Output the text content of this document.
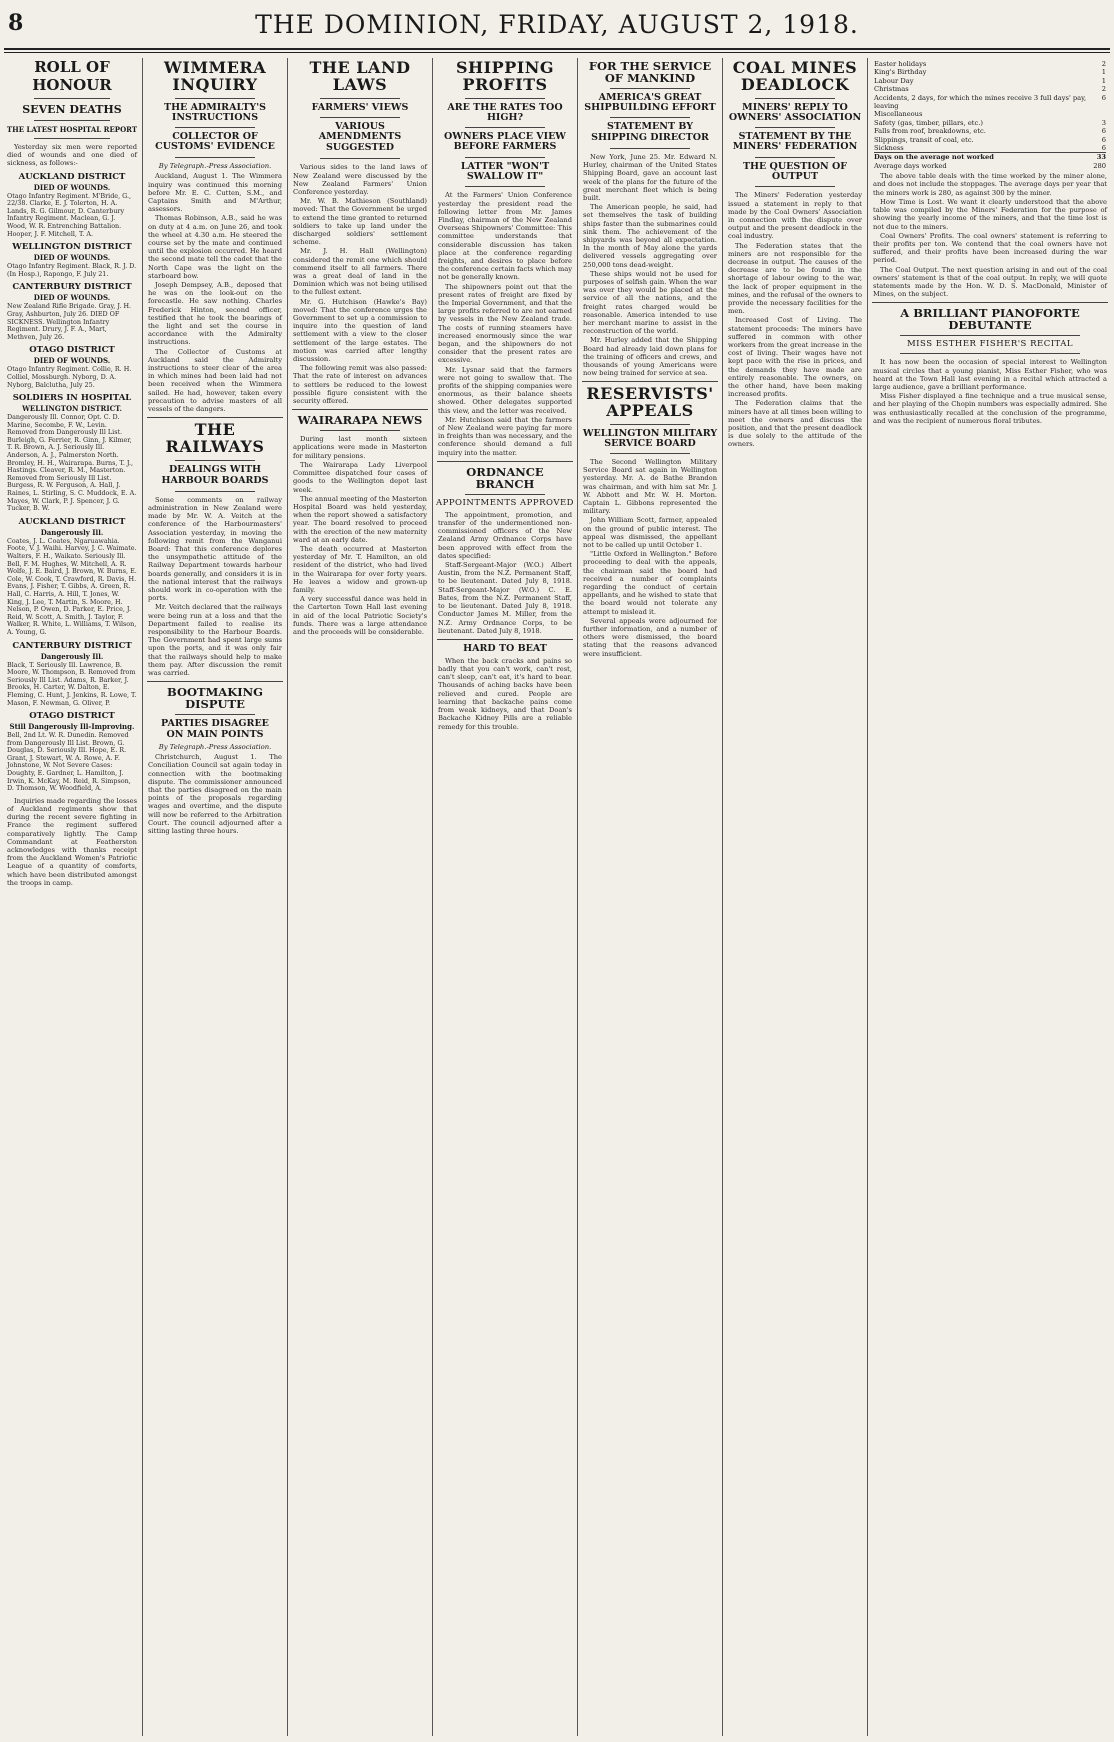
8	THE DOMINION, FRIDAY, AUGUST 2, 1918.
ROLL OF HONOUR
SEVEN DEATHS
THE LATEST HOSPITAL REPORT

Yesterday six men were reported died of wounds and one died of sickness, as follows:-

AUCKLAND DISTRICT
DIED OF WOUNDS.
Otago Infantry Regiment. M'Bride, G., 22/38. Clarke, E. J. Tolerton, H. A. Lands, R. G. Gilmour, D. Canterbury Infantry Regiment. Maclean, G. J. Wood, W. R. Entrenching Battalion. Hooper, J. F. Mitchell, T. A.
WELLINGTON DISTRICT
DIED OF WOUNDS.
Otago Infantry Regiment. Black, R. J. D. (In Hosp.), Rapongo, F. July 21.
CANTERBURY DISTRICT
DIED OF WOUNDS.
New Zealand Rifle Brigade. Gray, J. H. Gray, Ashburton, July 26. DIED OF SICKNESS. Wellington Infantry Regiment. Drury, J. F. A., Mart, Methven, July 26.
OTAGO DISTRICT
DIED OF WOUNDS.
Otago Infantry Regiment. Collie, R. H. Colliel, Mossburgh. Nyborg, D. A. Nyborg, Balclutha, July 25.
SOLDIERS IN HOSPITAL
WELLINGTON DISTRICT.
Dangerously Ill. Connor, Opt. C. D. Marine, Secombe, F. W., Levin. Removed from Dangerously Ill List. Burleigh, G. Ferrier, R. Ginn, J. Kilmer, T. R. Brown, A. J. Seriously Ill. Anderson, A. J., Palmerston North. Bromley, H. H., Wairarapa. Burns, T. J., Hastings. Cleaver, R. M., Masterton. Removed from Seriously Ill List. Burgess, R. W. Ferguson, A. Hall, J. Raines, L. Stirling, S. C. Muddock, E. A. Mayes, W. Clark, P. J. Spencer, J. G. Tucker, B. W.
AUCKLAND DISTRICT
Dangerously Ill.
Coates, J. L. Coates, Ngaruawahia. Foote, V. J. Waihi. Harvey, J. C. Waimate. Walters, F. H., Waikato. Seriously Ill. Bell, F. M. Hughes, W. Mitchell, A. R. Wolfe, J. E. Baird, J. Brown, W. Burns, E. Cole, W. Cook, T. Crawford, R. Davis, H. Evans, J. Fisher, T. Gibbs, A. Green, R. Hall, C. Harris, A. Hill, T. Jones, W. King, J. Lee, T. Martin, S. Moore, H. Nelson, P. Owen, D. Parker, E. Price, J. Reid, W. Scott, A. Smith, J. Taylor, F. Walker, R. White, L. Williams, T. Wilson, A. Young, G.
CANTERBURY DISTRICT
Dangerously Ill.
Black, T. Seriously Ill. Lawrence, B. Moore, W. Thompson, B. Removed from Seriously Ill List. Adams, R. Barker, J. Brooks, H. Carter, W. Dalton, E. Fleming, C. Hunt, J. Jenkins, R. Lowe, T. Mason, F. Newman, G. Oliver, P.
OTAGO DISTRICT
Still Dangerously Ill-Improving.
Bell, 2nd Lt. W. R. Dunedin. Removed from Dangerously Ill List. Brown, G. Douglas, D. Seriously Ill. Hope, E. R. Grant, J. Stewart, W. A. Rowe, A. F. Johnstone, W. Not Severe Cases: Doughty, E. Gardner, L. Hamilton, J. Irwin, K. McKay, M. Reid, R. Simpson, D. Thomson, W. Woodfield, A.

Inquiries made regarding the losses of Auckland regiments show that during the recent severe fighting in France the regiment suffered comparatively lightly. The Camp Commandant at Featherston acknowledges with thanks receipt from the Auckland Women's Patriotic League of a quantity of comforts, which have been distributed amongst the troops in camp.

WIMMERA INQUIRY
THE ADMIRALTY'S INSTRUCTIONS
COLLECTOR OF CUSTOMS' EVIDENCE
By Telegraph.-Press Association.

Auckland, August 1. The Wimmera inquiry was continued this morning before Mr. E. C. Cutten, S.M., and Captains Smith and M'Arthur, assessors.

Thomas Robinson, A.B., said he was on duty at 4 a.m. on June 26, and took the wheel at 4.30 a.m. He steered the course set by the mate and continued until the explosion occurred. He heard the second mate tell the cadet that the North Cape was the light on the starboard bow.

Joseph Dempsey, A.B., deposed that he was on the look-out on the forecastle. He saw nothing. Charles Frederick Hinton, second officer, testified that he took the bearings of the light and set the course in accordance with the Admiralty instructions.

The Collector of Customs at Auckland said the Admiralty instructions to steer clear of the area in which mines had been laid had not been received when the Wimmera sailed. He had, however, taken every precaution to advise masters of all vessels of the dangers.

THE RAILWAYS
DEALINGS WITH HARBOUR BOARDS

Some comments on railway administration in New Zealand were made by Mr. W. A. Veitch at the conference of the Harbourmasters' Association yesterday, in moving the following remit from the Wanganui Board: That this conference deplores the unsympathetic attitude of the Railway Department towards harbour boards generally, and considers it is in the national interest that the railways should work in co-operation with the ports.

Mr. Veitch declared that the railways were being run at a loss and that the Department failed to realise its responsibility to the Harbour Boards. The Government had spent large sums upon the ports, and it was only fair that the railways should help to make them pay. After discussion the remit was carried.

BOOTMAKING DISPUTE
PARTIES DISAGREE ON MAIN POINTS
By Telegraph.-Press Association.

Christchurch, August 1. The Conciliation Council sat again today in connection with the bootmaking dispute. The commissioner announced that the parties disagreed on the main points of the proposals regarding wages and overtime, and the dispute will now be referred to the Arbitration Court. The council adjourned after a sitting lasting three hours.

THE LAND LAWS
FARMERS' VIEWS
VARIOUS AMENDMENTS SUGGESTED

Various sides to the land laws of New Zealand were discussed by the New Zealand Farmers' Union Conference yesterday.

Mr. W. B. Mathieson (Southland) moved: That the Government be urged to extend the time granted to returned soldiers to take up land under the discharged soldiers' settlement scheme.

Mr. J. H. Hall (Wellington) considered the remit one which should commend itself to all farmers. There was a great deal of land in the Dominion which was not being utilised to the fullest extent.

Mr. G. Hutchison (Hawke's Bay) moved: That the conference urges the Government to set up a commission to inquire into the question of land settlement with a view to the closer settlement of the large estates. The motion was carried after lengthy discussion.

The following remit was also passed: That the rate of interest on advances to settlers be reduced to the lowest possible figure consistent with the security offered.

WAIRARAPA NEWS

During last month sixteen applications were made in Masterton for military pensions.

The Wairarapa Lady Liverpool Committee dispatched four cases of goods to the Wellington depot last week.

The annual meeting of the Masterton Hospital Board was held yesterday, when the report showed a satisfactory year. The board resolved to proceed with the erection of the new maternity ward at an early date.

The death occurred at Masterton yesterday of Mr. T. Hamilton, an old resident of the district, who had lived in the Wairarapa for over forty years. He leaves a widow and grown-up family.

A very successful dance was held in the Carterton Town Hall last evening in aid of the local Patriotic Society's funds. There was a large attendance and the proceeds will be considerable.

SHIPPING PROFITS
ARE THE RATES TOO HIGH?
OWNERS PLACE VIEW BEFORE FARMERS
LATTER "WON'T SWALLOW IT"

At the Farmers' Union Conference yesterday the president read the following letter from Mr. James Findlay, chairman of the New Zealand Overseas Shipowners' Committee: This committee understands that considerable discussion has taken place at the conference regarding freights, and desires to place before the conference certain facts which may not be generally known.

The shipowners point out that the present rates of freight are fixed by the Imperial Government, and that the large profits referred to are not earned by vessels in the New Zealand trade. The costs of running steamers have increased enormously since the war began, and the shipowners do not consider that the present rates are excessive.

Mr. Lysnar said that the farmers were not going to swallow that. The profits of the shipping companies were enormous, as their balance sheets showed. Other delegates supported this view, and the letter was received.

Mr. Hutchison said that the farmers of New Zealand were paying far more in freights than was necessary, and the conference should demand a full inquiry into the matter.

ORDNANCE BRANCH
APPOINTMENTS APPROVED

The appointment, promotion, and transfer of the undermentioned non-commissioned officers of the New Zealand Army Ordnance Corps have been approved with effect from the dates specified:

Staff-Sergeant-Major (W.O.) Albert Austin, from the N.Z. Permanent Staff, to be lieutenant. Dated July 8, 1918. Staff-Sergeant-Major (W.O.) C. E. Bates, from the N.Z. Permanent Staff, to be lieutenant. Dated July 8, 1918. Conductor James M. Miller, from the N.Z. Army Ordnance Corps, to be lieutenant. Dated July 8, 1918.

HARD TO BEAT

When the back cracks and pains so badly that you can't work, can't rest, can't sleep, can't eat, it's hard to bear. Thousands of aching backs have been relieved and cured. People are learning that backache pains come from weak kidneys, and that Doan's Backache Kidney Pills are a reliable remedy for this trouble.

FOR THE SERVICE OF MANKIND
AMERICA'S GREAT SHIPBUILDING EFFORT
STATEMENT BY SHIPPING DIRECTOR

New York, June 25. Mr. Edward N. Hurley, chairman of the United States Shipping Board, gave an account last week of the plans for the future of the great merchant fleet which is being built.

The American people, he said, had set themselves the task of building ships faster than the submarines could sink them. The achievement of the shipyards was beyond all expectation. In the month of May alone the yards delivered vessels aggregating over 250,000 tons dead-weight.

These ships would not be used for purposes of selfish gain. When the war was over they would be placed at the service of all the nations, and the freight rates charged would be reasonable. America intended to use her merchant marine to assist in the reconstruction of the world.

Mr. Hurley added that the Shipping Board had already laid down plans for the training of officers and crews, and thousands of young Americans were now being trained for service at sea.

RESERVISTS' APPEALS
WELLINGTON MILITARY SERVICE BOARD

The Second Wellington Military Service Board sat again in Wellington yesterday. Mr. A. de Bathe Brandon was chairman, and with him sat Mr. J. W. Abbott and Mr. W. H. Morton. Captain L. Gibbons represented the military.

John William Scott, farmer, appealed on the ground of public interest. The appeal was dismissed, the appellant not to be called up until October 1.

"Little Oxford in Wellington." Before proceeding to deal with the appeals, the chairman said the board had received a number of complaints regarding the conduct of certain appellants, and he wished to state that the board would not tolerate any attempt to mislead it.

Several appeals were adjourned for further information, and a number of others were dismissed, the board stating that the reasons advanced were insufficient.

COAL MINES DEADLOCK
MINERS' REPLY TO OWNERS' ASSOCIATION
STATEMENT BY THE MINERS' FEDERATION
THE QUESTION OF OUTPUT

The Miners' Federation yesterday issued a statement in reply to that made by the Coal Owners' Association in connection with the dispute over output and the present deadlock in the coal industry.

The Federation states that the miners are not responsible for the decrease in output. The causes of the decrease are to be found in the shortage of labour owing to the war, the lack of proper equipment in the mines, and the refusal of the owners to provide the necessary facilities for the men.

Increased Cost of Living. The statement proceeds: The miners have suffered in common with other workers from the great increase in the cost of living. Their wages have not kept pace with the rise in prices, and the demands they have made are entirely reasonable. The owners, on the other hand, have been making increased profits.

The Federation claims that the miners have at all times been willing to meet the owners and discuss the position, and that the present deadlock is due solely to the attitude of the owners.

Easter holidays	2
King's Birthday	1
Labour Day	1
Christmas	2
Accidents, 2 days, for which the mines receive 3 full days' pay, leaving	6
Miscellaneous	
Safety (gas, timber, pillars, etc.)	3
Falls from roof, breakdowns, etc.	6
Slippings, transit of coal, etc.	6
Sickness	6
Days on the average not worked	33
Average days worked	280

The above table deals with the time worked by the miner alone, and does not include the stoppages. The average days per year that the miners work is 280, as against 300 by the miner.

How Time is Lost. We want it clearly understood that the above table was compiled by the Miners' Federation for the purpose of showing the yearly income of the miners, and that the time lost is not due to the miners.

Coal Owners' Profits. The coal owners' statement is referring to their profits per ton. We contend that the coal owners have not suffered, and their profits have been increased during the war period.

The Coal Output. The next question arising in and out of the coal owners' statement is that of the coal output. In reply, we will quote statements made by the Hon. W. D. S. MacDonald, Minister of Mines, on the subject.

A BRILLIANT PIANOFORTE DEBUTANTE
MISS ESTHER FISHER'S RECITAL

It has now been the occasion of special interest to Wellington musical circles that a young pianist, Miss Esther Fisher, who was heard at the Town Hall last evening in a recital which attracted a large audience, gave a brilliant performance.

Miss Fisher displayed a fine technique and a true musical sense, and her playing of the Chopin numbers was especially admired. She was enthusiastically recalled at the conclusion of the programme, and was the recipient of numerous floral tributes.
